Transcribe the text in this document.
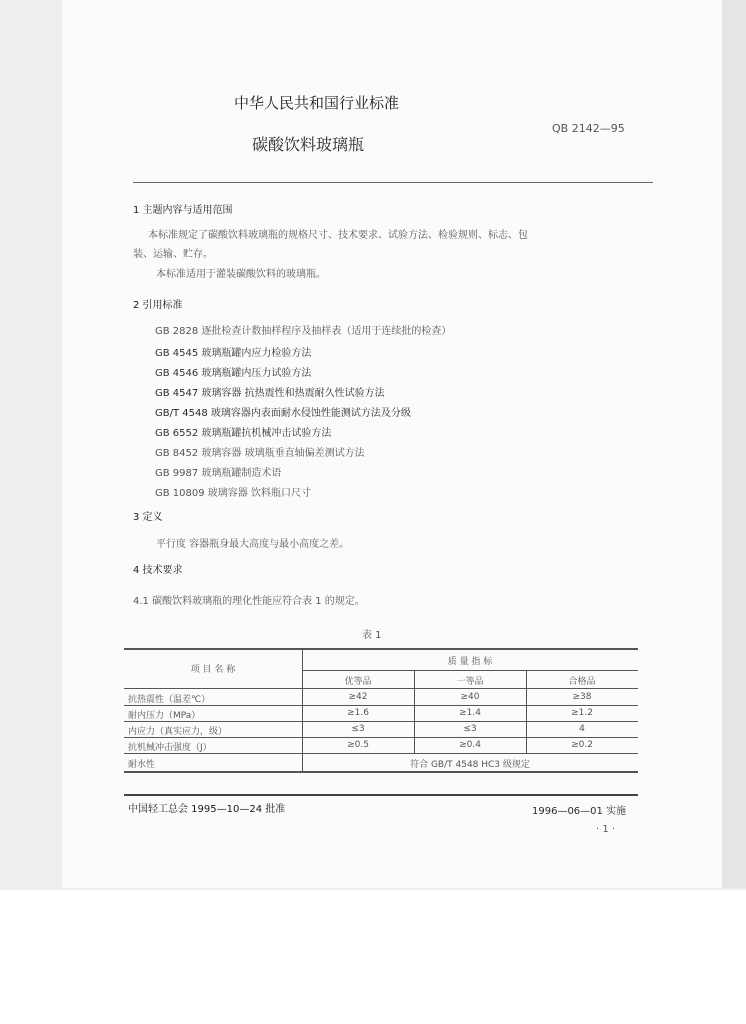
中华人民共和国行业标准
碳酸饮料玻璃瓶
QB 2142—95
1 主题内容与适用范围
本标准规定了碳酸饮料玻璃瓶的规格尺寸、技术要求、试验方法、检验规则、标志、包
装、运输、贮存。
本标准适用于灌装碳酸饮料的玻璃瓶。
2 引用标准
GB 2828 逐批检查计数抽样程序及抽样表（适用于连续批的检查）
GB 4545 玻璃瓶罐内应力检验方法
GB 4546 玻璃瓶罐内压力试验方法
GB 4547 玻璃容器 抗热震性和热震耐久性试验方法
GB/T 4548 玻璃容器内表面耐水侵蚀性能测试方法及分级
GB 6552 玻璃瓶罐抗机械冲击试验方法
GB 8452 玻璃容器 玻璃瓶垂直轴偏差测试方法
GB 9987 玻璃瓶罐制造术语
GB 10809 玻璃容器 饮料瓶口尺寸
3 定义
平行度 容器瓶身最大高度与最小高度之差。
4 技术要求
4.1 碳酸饮料玻璃瓶的理化性能应符合表 1 的规定。
表 1
项 目 名 称
质 量 指 标
优等品	一等品	合格品
抗热震性（温差℃）	≥42	≥40	≥38
耐内压力（MPa）	≥1.6	≥1.4	≥1.2
内应力（真实应力，级）	≤3	≤3	4
抗机械冲击强度（J）	≥0.5	≥0.4	≥0.2
耐水性	符合 GB/T 4548 HC3 级规定
中国轻工总会 1995—10—24 批准	1996—06—01 实施
· 1 ·
